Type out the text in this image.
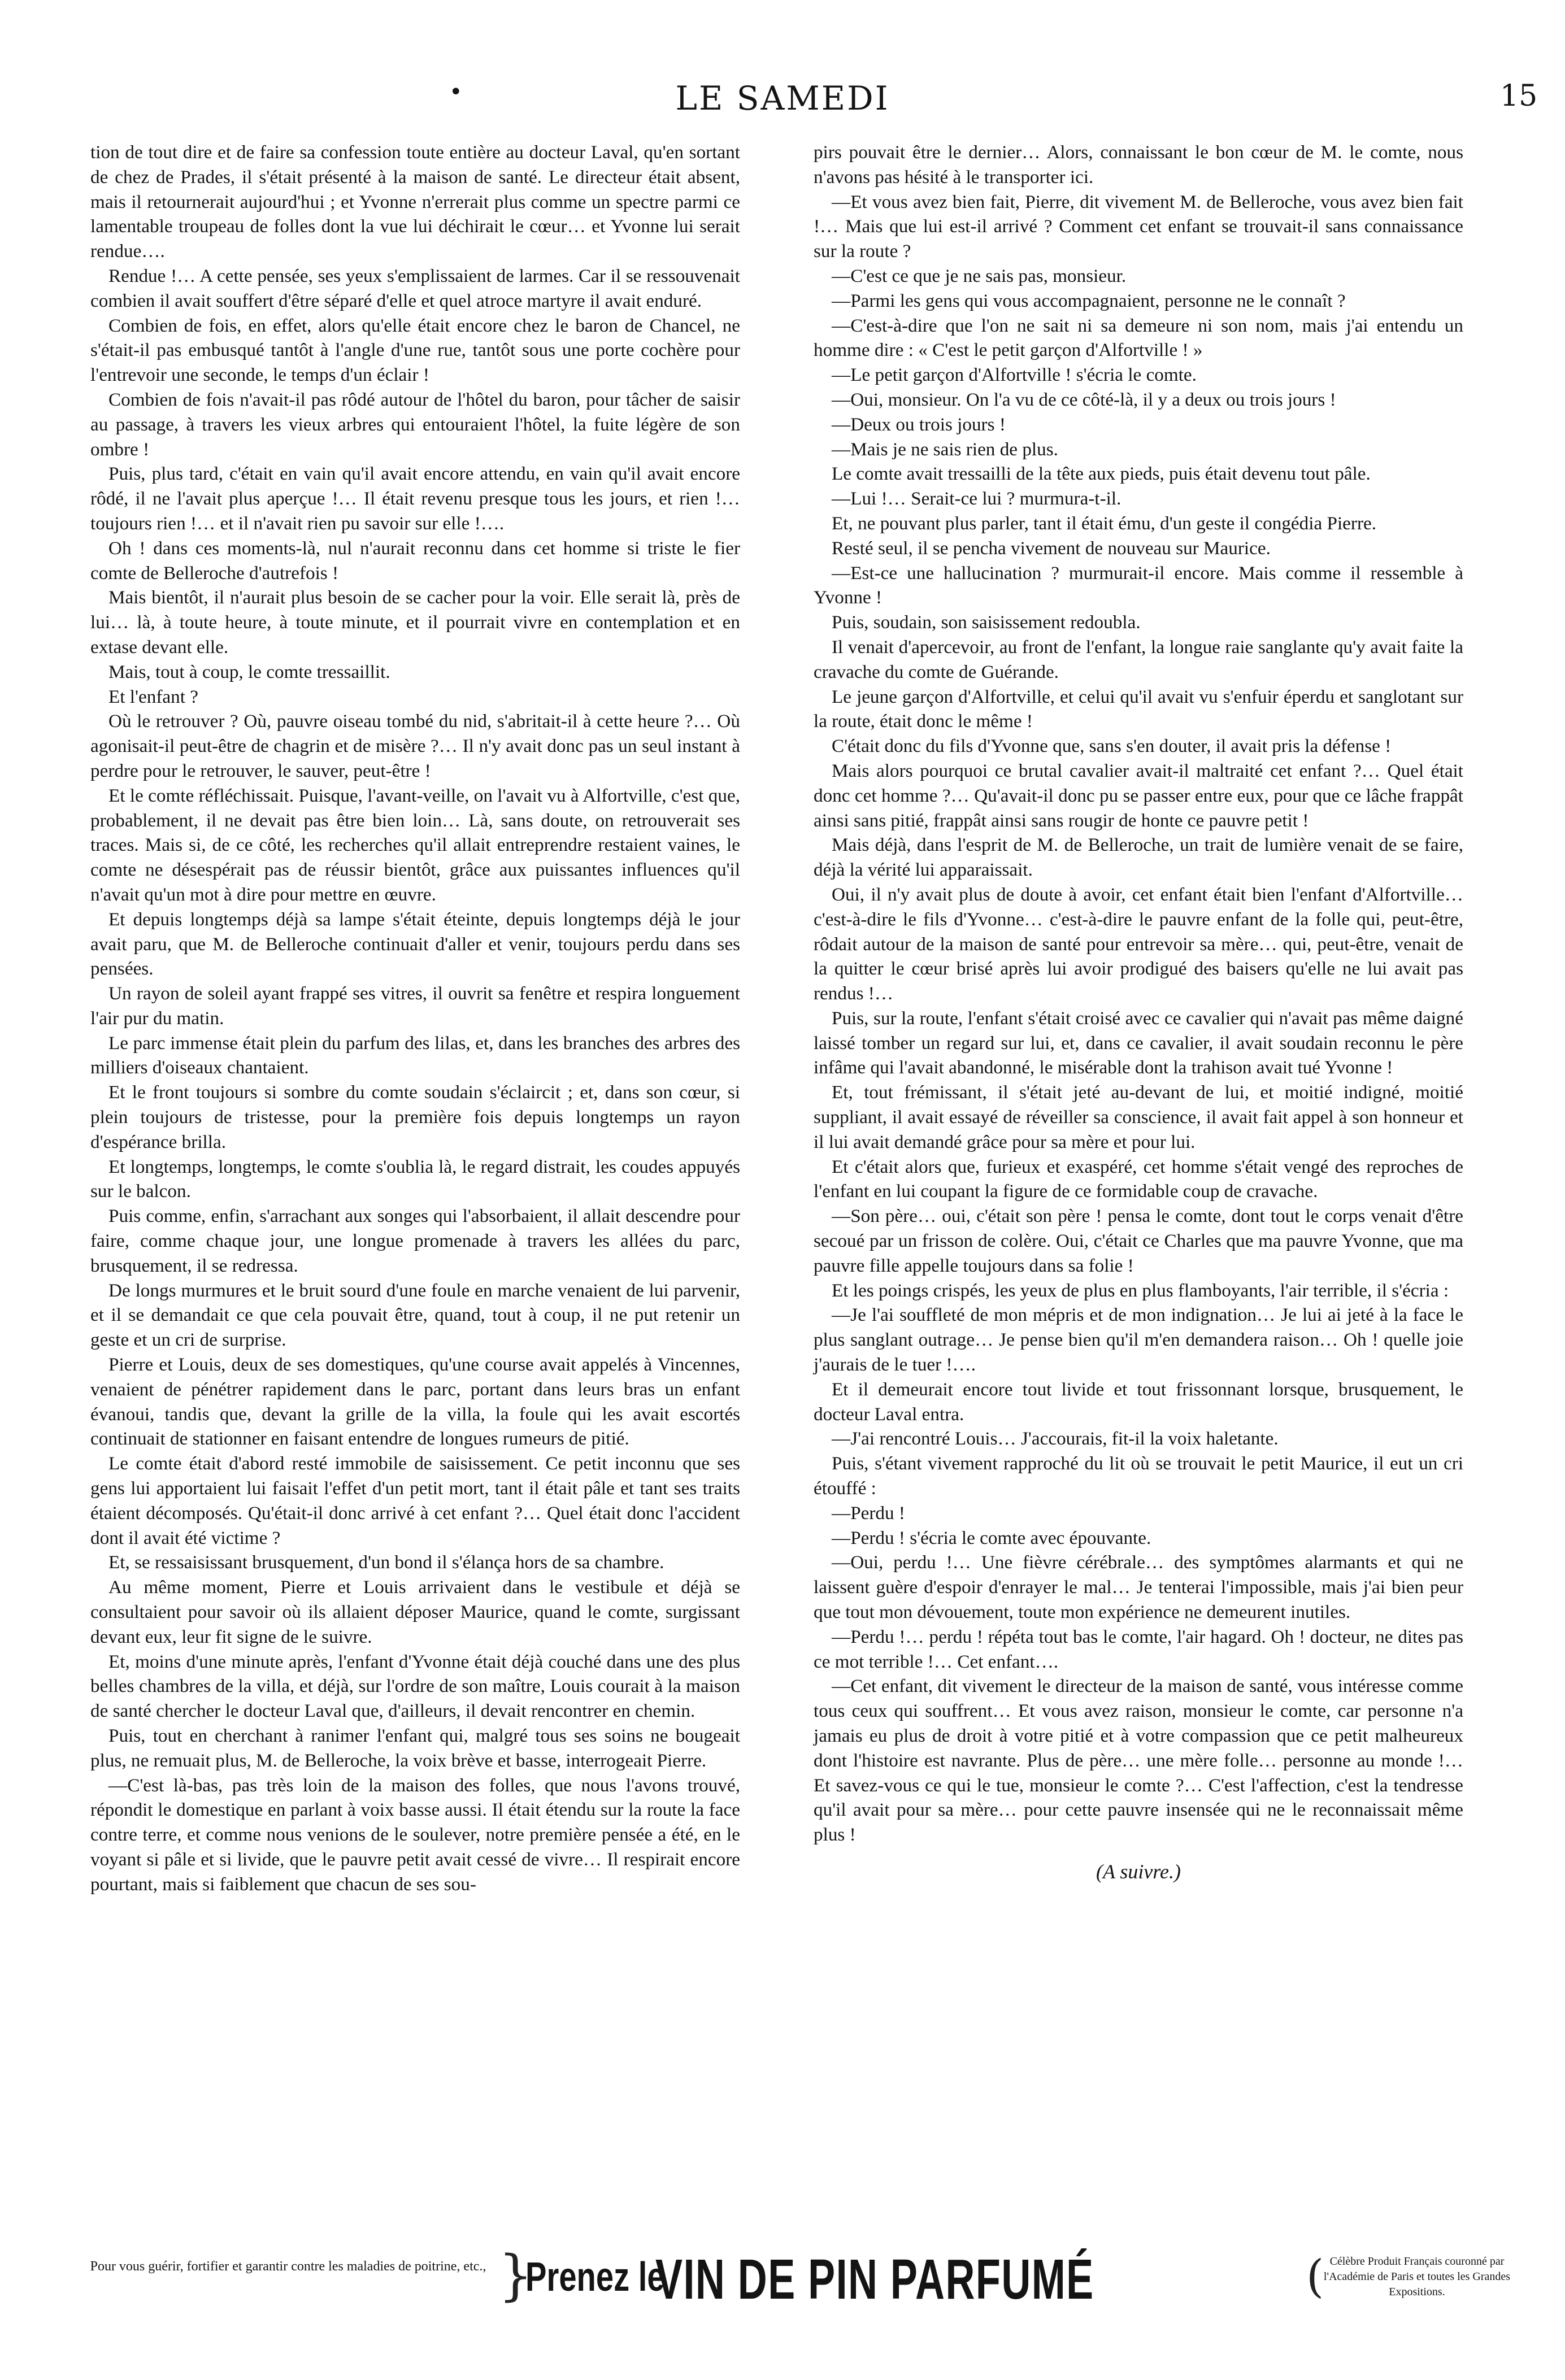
•	LE SAMEDI	15

tion de tout dire et de faire sa confession toute entière au docteur Laval, qu'en sortant de chez de Prades, il s'était présenté à la maison de santé. Le directeur était absent, mais il retournerait aujourd'hui ; et Yvonne n'errerait plus comme un spectre parmi ce lamentable troupeau de folles dont la vue lui déchirait le cœur… et Yvonne lui serait rendue….

Rendue !… A cette pensée, ses yeux s'emplissaient de larmes. Car il se ressouvenait combien il avait souffert d'être séparé d'elle et quel atroce martyre il avait enduré.

Combien de fois, en effet, alors qu'elle était encore chez le baron de Chancel, ne s'était-il pas embusqué tantôt à l'angle d'une rue, tantôt sous une porte cochère pour l'entrevoir une seconde, le temps d'un éclair !

Combien de fois n'avait-il pas rôdé autour de l'hôtel du baron, pour tâcher de saisir au passage, à travers les vieux arbres qui entouraient l'hôtel, la fuite légère de son ombre !

Puis, plus tard, c'était en vain qu'il avait encore attendu, en vain qu'il avait encore rôdé, il ne l'avait plus aperçue !… Il était revenu presque tous les jours, et rien !… toujours rien !… et il n'avait rien pu savoir sur elle !….

Oh ! dans ces moments-là, nul n'aurait reconnu dans cet homme si triste le fier comte de Belleroche d'autrefois !

Mais bientôt, il n'aurait plus besoin de se cacher pour la voir. Elle serait là, près de lui… là, à toute heure, à toute minute, et il pourrait vivre en contemplation et en extase devant elle.

Mais, tout à coup, le comte tressaillit.

Et l'enfant ?

Où le retrouver ? Où, pauvre oiseau tombé du nid, s'abritait-il à cette heure ?… Où agonisait-il peut-être de chagrin et de misère ?… Il n'y avait donc pas un seul instant à perdre pour le retrouver, le sauver, peut-être !

Et le comte réfléchissait. Puisque, l'avant-veille, on l'avait vu à Alfortville, c'est que, probablement, il ne devait pas être bien loin… Là, sans doute, on retrouverait ses traces. Mais si, de ce côté, les recherches qu'il allait entreprendre restaient vaines, le comte ne désespérait pas de réussir bientôt, grâce aux puissantes influences qu'il n'avait qu'un mot à dire pour mettre en œuvre.

Et depuis longtemps déjà sa lampe s'était éteinte, depuis longtemps déjà le jour avait paru, que M. de Belleroche continuait d'aller et venir, toujours perdu dans ses pensées.

Un rayon de soleil ayant frappé ses vitres, il ouvrit sa fenêtre et respira longuement l'air pur du matin.

Le parc immense était plein du parfum des lilas, et, dans les branches des arbres des milliers d'oiseaux chantaient.

Et le front toujours si sombre du comte soudain s'éclaircit ; et, dans son cœur, si plein toujours de tristesse, pour la première fois depuis longtemps un rayon d'espérance brilla.

Et longtemps, longtemps, le comte s'oublia là, le regard distrait, les coudes appuyés sur le balcon.

Puis comme, enfin, s'arrachant aux songes qui l'absorbaient, il allait descendre pour faire, comme chaque jour, une longue promenade à travers les allées du parc, brusquement, il se redressa.

De longs murmures et le bruit sourd d'une foule en marche venaient de lui parvenir, et il se demandait ce que cela pouvait être, quand, tout à coup, il ne put retenir un geste et un cri de surprise.

Pierre et Louis, deux de ses domestiques, qu'une course avait appelés à Vincennes, venaient de pénétrer rapidement dans le parc, portant dans leurs bras un enfant évanoui, tandis que, devant la grille de la villa, la foule qui les avait escortés continuait de stationner en faisant entendre de longues rumeurs de pitié.

Le comte était d'abord resté immobile de saisissement. Ce petit inconnu que ses gens lui apportaient lui faisait l'effet d'un petit mort, tant il était pâle et tant ses traits étaient décomposés. Qu'était-il donc arrivé à cet enfant ?… Quel était donc l'accident dont il avait été victime ?

Et, se ressaisissant brusquement, d'un bond il s'élança hors de sa chambre.

Au même moment, Pierre et Louis arrivaient dans le vestibule et déjà se consultaient pour savoir où ils allaient déposer Maurice, quand le comte, surgissant devant eux, leur fit signe de le suivre.

Et, moins d'une minute après, l'enfant d'Yvonne était déjà couché dans une des plus belles chambres de la villa, et déjà, sur l'ordre de son maître, Louis courait à la maison de santé chercher le docteur Laval que, d'ailleurs, il devait rencontrer en chemin.

Puis, tout en cherchant à ranimer l'enfant qui, malgré tous ses soins ne bougeait plus, ne remuait plus, M. de Belleroche, la voix brève et basse, interrogeait Pierre.

—C'est là-bas, pas très loin de la maison des folles, que nous l'avons trouvé, répondit le domestique en parlant à voix basse aussi. Il était étendu sur la route la face contre terre, et comme nous venions de le soulever, notre première pensée a été, en le voyant si pâle et si livide, que le pauvre petit avait cessé de vivre… Il respirait encore pourtant, mais si faiblement que chacun de ses sou-

pirs pouvait être le dernier… Alors, connaissant le bon cœur de M. le comte, nous n'avons pas hésité à le transporter ici.

—Et vous avez bien fait, Pierre, dit vivement M. de Belleroche, vous avez bien fait !… Mais que lui est-il arrivé ? Comment cet enfant se trouvait-il sans connaissance sur la route ?

—C'est ce que je ne sais pas, monsieur.

—Parmi les gens qui vous accompagnaient, personne ne le connaît ?

—C'est-à-dire que l'on ne sait ni sa demeure ni son nom, mais j'ai entendu un homme dire : « C'est le petit garçon d'Alfortville ! »

—Le petit garçon d'Alfortville ! s'écria le comte.

—Oui, monsieur. On l'a vu de ce côté-là, il y a deux ou trois jours !

—Deux ou trois jours !

—Mais je ne sais rien de plus.

Le comte avait tressailli de la tête aux pieds, puis était devenu tout pâle.

—Lui !… Serait-ce lui ? murmura-t-il.

Et, ne pouvant plus parler, tant il était ému, d'un geste il congédia Pierre.

Resté seul, il se pencha vivement de nouveau sur Maurice.

—Est-ce une hallucination ? murmurait-il encore. Mais comme il ressemble à Yvonne !

Puis, soudain, son saisissement redoubla.

Il venait d'apercevoir, au front de l'enfant, la longue raie sanglante qu'y avait faite la cravache du comte de Guérande.

Le jeune garçon d'Alfortville, et celui qu'il avait vu s'enfuir éperdu et sanglotant sur la route, était donc le même !

C'était donc du fils d'Yvonne que, sans s'en douter, il avait pris la défense !

Mais alors pourquoi ce brutal cavalier avait-il maltraité cet enfant ?… Quel était donc cet homme ?… Qu'avait-il donc pu se passer entre eux, pour que ce lâche frappât ainsi sans pitié, frappât ainsi sans rougir de honte ce pauvre petit !

Mais déjà, dans l'esprit de M. de Belleroche, un trait de lumière venait de se faire, déjà la vérité lui apparaissait.

Oui, il n'y avait plus de doute à avoir, cet enfant était bien l'enfant d'Alfortville… c'est-à-dire le fils d'Yvonne… c'est-à-dire le pauvre enfant de la folle qui, peut-être, rôdait autour de la maison de santé pour entrevoir sa mère… qui, peut-être, venait de la quitter le cœur brisé après lui avoir prodigué des baisers qu'elle ne lui avait pas rendus !…

Puis, sur la route, l'enfant s'était croisé avec ce cavalier qui n'avait pas même daigné laissé tomber un regard sur lui, et, dans ce cavalier, il avait soudain reconnu le père infâme qui l'avait abandonné, le misérable dont la trahison avait tué Yvonne !

Et, tout frémissant, il s'était jeté au-devant de lui, et moitié indigné, moitié suppliant, il avait essayé de réveiller sa conscience, il avait fait appel à son honneur et il lui avait demandé grâce pour sa mère et pour lui.

Et c'était alors que, furieux et exaspéré, cet homme s'était vengé des reproches de l'enfant en lui coupant la figure de ce formidable coup de cravache.

—Son père… oui, c'était son père ! pensa le comte, dont tout le corps venait d'être secoué par un frisson de colère. Oui, c'était ce Charles que ma pauvre Yvonne, que ma pauvre fille appelle toujours dans sa folie !

Et les poings crispés, les yeux de plus en plus flamboyants, l'air terrible, il s'écria :

—Je l'ai souffleté de mon mépris et de mon indignation… Je lui ai jeté à la face le plus sanglant outrage… Je pense bien qu'il m'en demandera raison… Oh ! quelle joie j'aurais de le tuer !….

Et il demeurait encore tout livide et tout frissonnant lorsque, brusquement, le docteur Laval entra.

—J'ai rencontré Louis… J'accourais, fit-il la voix haletante.

Puis, s'étant vivement rapproché du lit où se trouvait le petit Maurice, il eut un cri étouffé :

—Perdu !

—Perdu ! s'écria le comte avec épouvante.

—Oui, perdu !… Une fièvre cérébrale… des symptômes alarmants et qui ne laissent guère d'espoir d'enrayer le mal… Je tenterai l'impossible, mais j'ai bien peur que tout mon dévouement, toute mon expérience ne demeurent inutiles.

—Perdu !… perdu ! répéta tout bas le comte, l'air hagard. Oh ! docteur, ne dites pas ce mot terrible !… Cet enfant….

—Cet enfant, dit vivement le directeur de la maison de santé, vous intéresse comme tous ceux qui souffrent… Et vous avez raison, monsieur le comte, car personne n'a jamais eu plus de droit à votre pitié et à votre compassion que ce petit malheureux dont l'histoire est navrante. Plus de père… une mère folle… personne au monde !… Et savez-vous ce qui le tue, monsieur le comte ?… C'est l'affection, c'est la tendresse qu'il avait pour sa mère… pour cette pauvre insensée qui ne le reconnaissait même plus !

(A suivre.)
Pour vous guérir, fortifier et garantir contre les maladies de poitrine, etc., }
Prenez le
VIN DE PIN PARFUMÉ	( Célèbre Produit Français couronné par l'Académie de Paris et toutes les Grandes Expositions.
